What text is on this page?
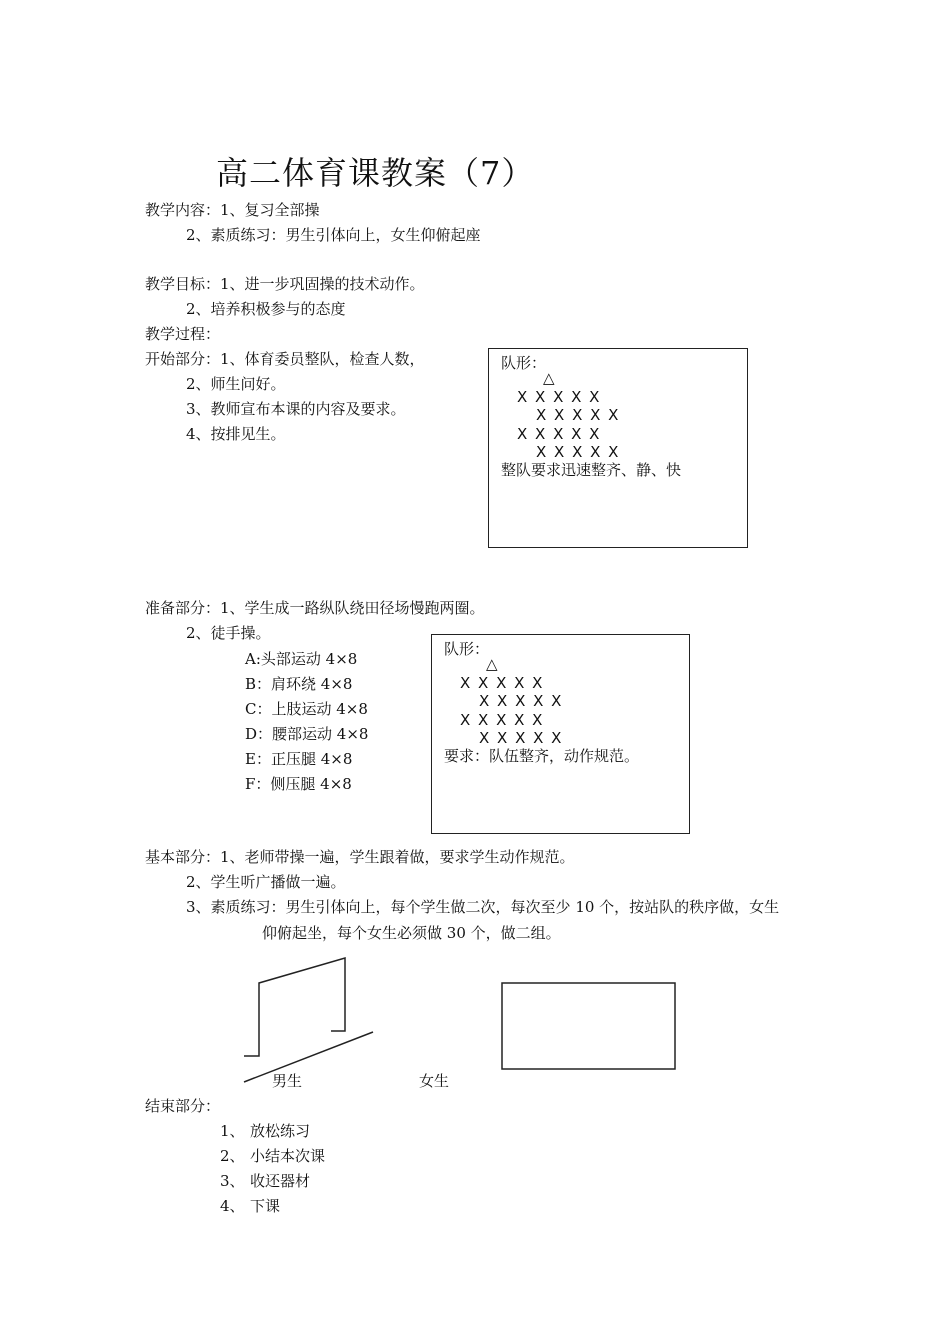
高二体育课教案（7）
教学内容：1、复习全部操
2、素质练习：男生引体向上，女生仰俯起座
教学目标：1、进一步巩固操的技术动作。
2、培养积极参与的态度
教学过程：
开始部分：1、体育委员整队，检查人数，
2、师生问好。
3、教师宣布本课的内容及要求。
4、按排见生。
队形：
△
X X X X X
X X X X X
X X X X X
X X X X X
整队要求迅速整齐、静、快
准备部分：1、学生成一路纵队绕田径场慢跑两圈。
2、徒手操。
A:头部运动 4×8
B：肩环绕 4×8
C：上肢运动 4×8
D：腰部运动 4×8
E：正压腿 4×8
F：侧压腿 4×8
队形：
△
X X X X X
X X X X X
X X X X X
X X X X X
要求：队伍整齐，动作规范。
基本部分：1、老师带操一遍，学生跟着做，要求学生动作规范。
2、学生听广播做一遍。
3、素质练习：男生引体向上，每个学生做二次，每次至少 10 个，按站队的秩序做，女生
仰俯起坐，每个女生必须做 30 个，做二组。
男生	女生
结束部分：
1、 放松练习
2、 小结本次课
3、 收还器材
4、 下课
